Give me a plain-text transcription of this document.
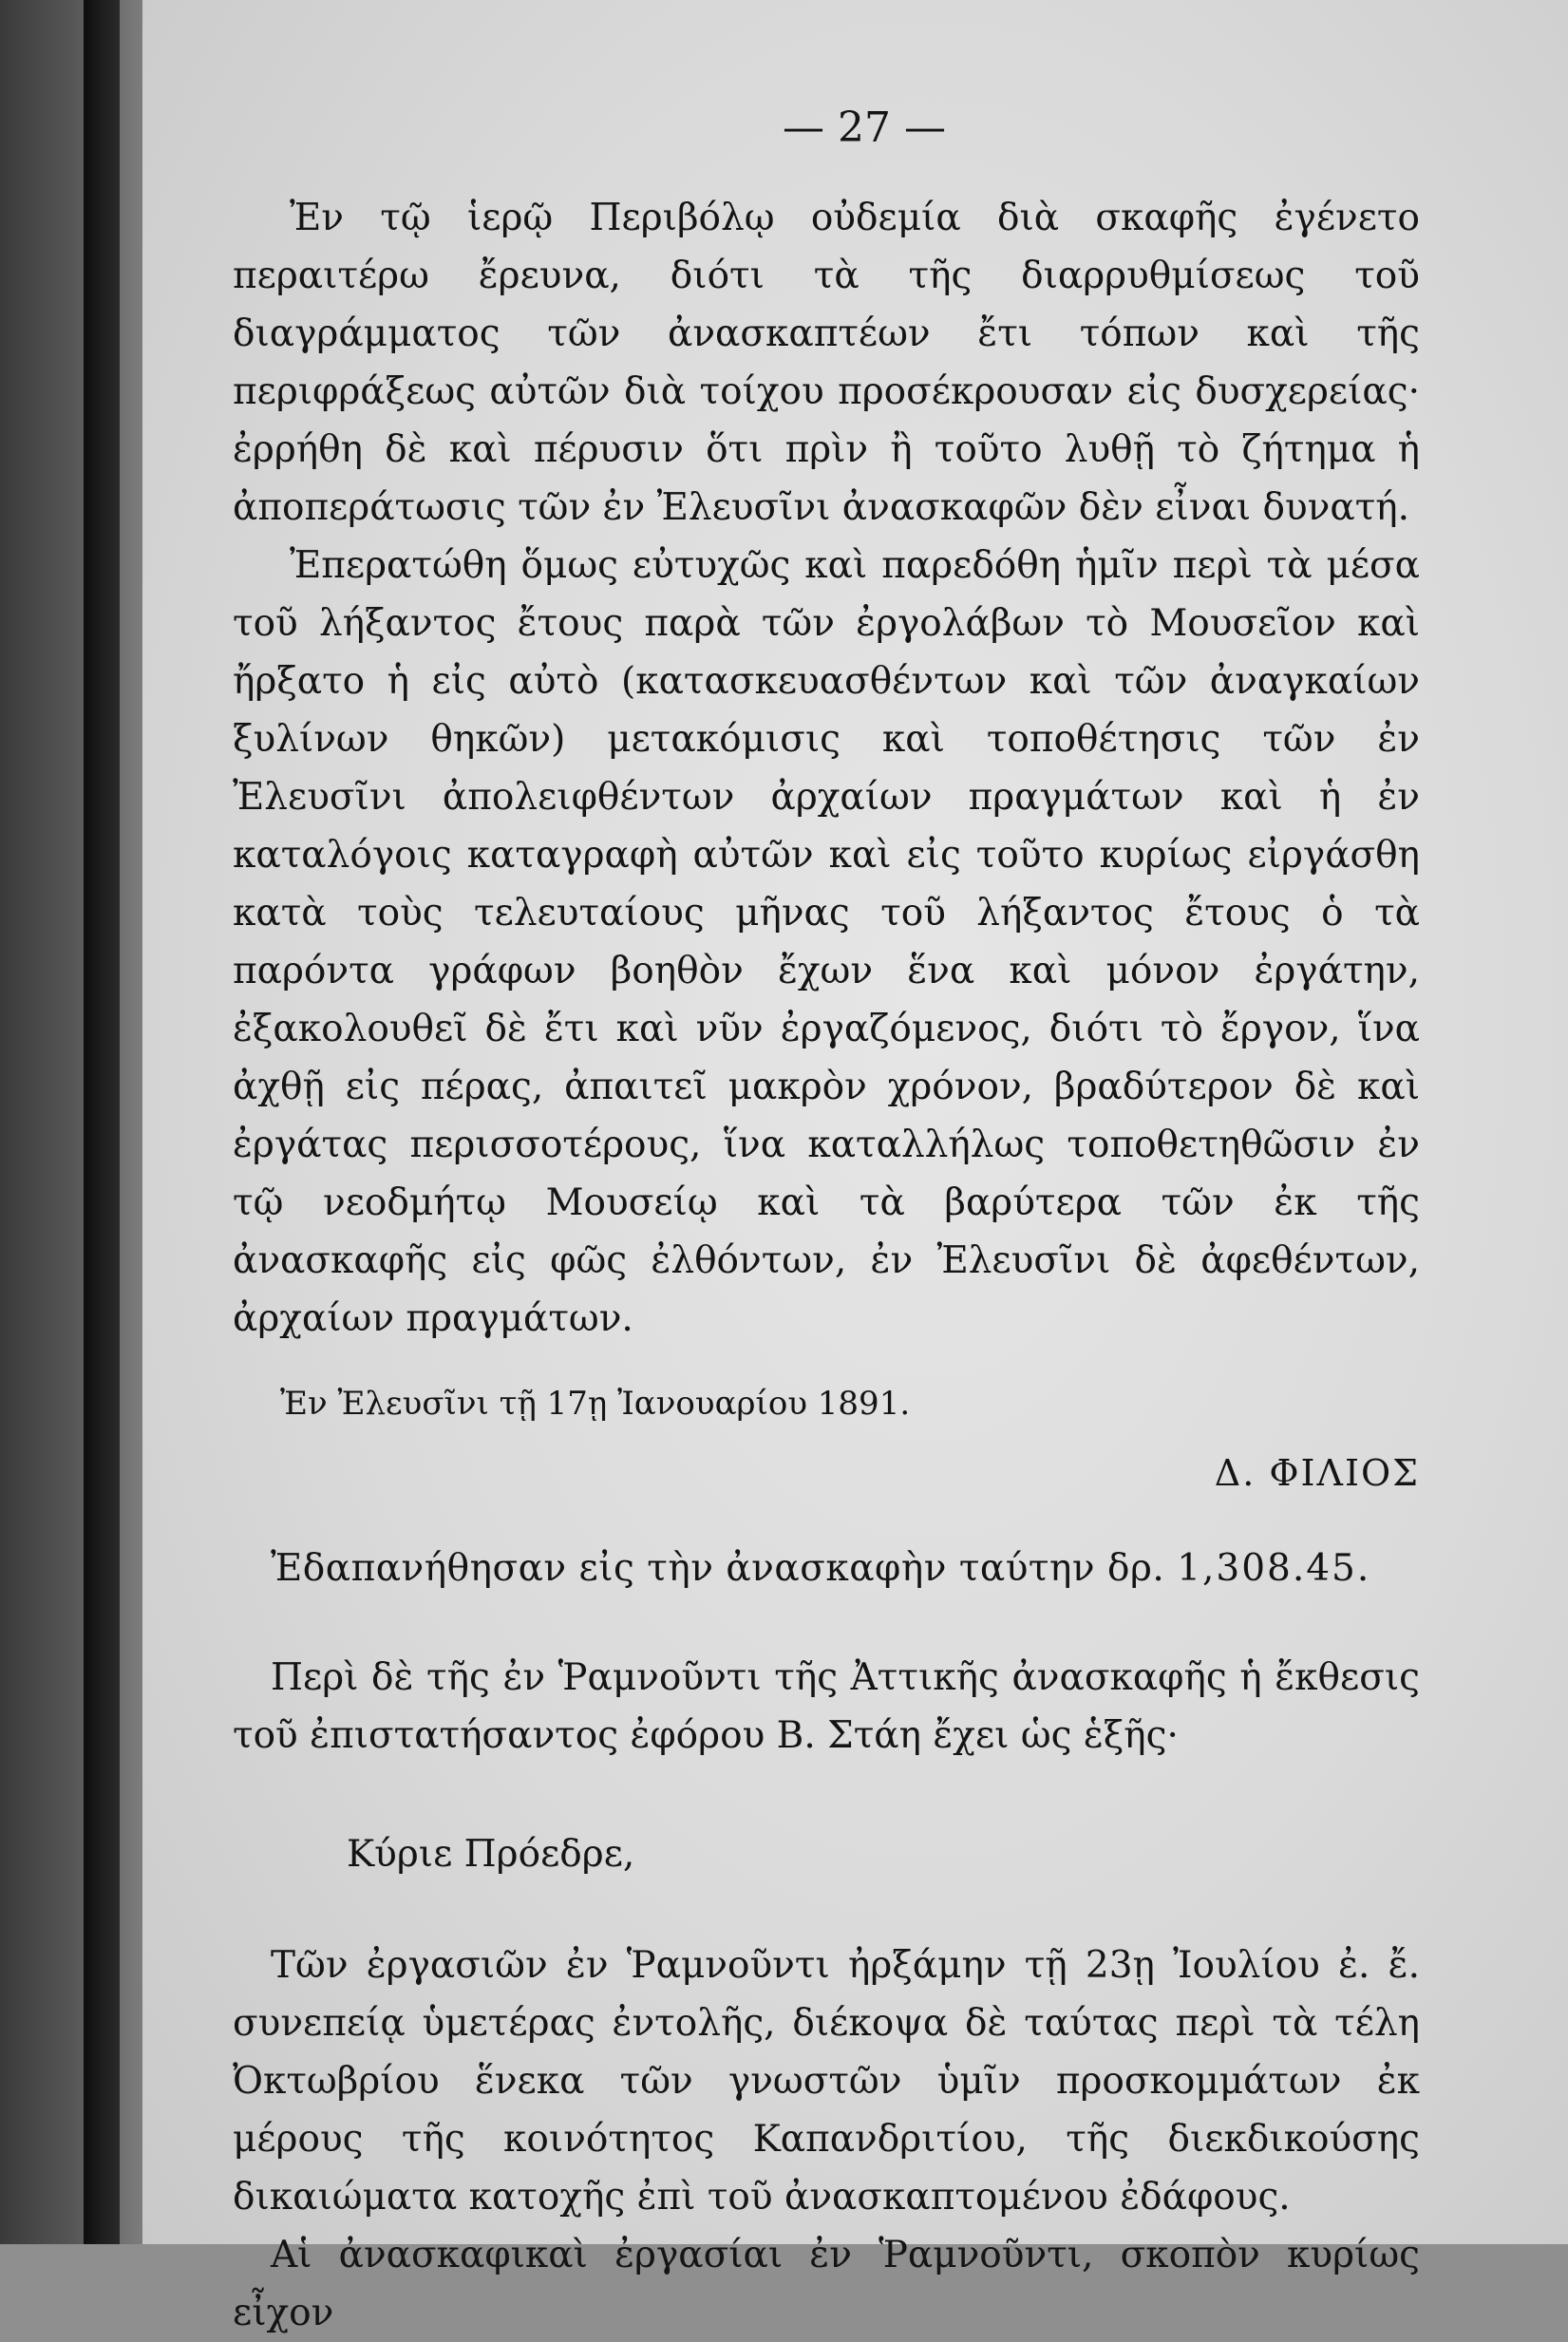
— 27 —

Ἐν τῷ ἱερῷ Περιβόλῳ οὐδεμία διὰ σκαφῆς ἐγένετο περαιτέρω ἔρευνα, διότι τὰ τῆς διαρρυθμίσεως τοῦ διαγράμματος τῶν ἀνασκαπτέων ἔτι τόπων καὶ τῆς περιφράξεως αὐτῶν διὰ τοίχου προσέκρουσαν εἰς δυσχερείας· ἐρρήθη δὲ καὶ πέρυσιν ὅτι πρὶν ἢ τοῦτο λυθῇ τὸ ζήτημα ἡ ἀποπεράτωσις τῶν ἐν Ἐλευσῖνι ἀνασκαφῶν δὲν εἶναι δυνατή.

Ἐπερατώθη ὅμως εὐτυχῶς καὶ παρεδόθη ἡμῖν περὶ τὰ μέσα τοῦ λήξαντος ἔτους παρὰ τῶν ἐργολάβων τὸ Μουσεῖον καὶ ἤρξατο ἡ εἰς αὐτὸ (κατασκευασθέντων καὶ τῶν ἀναγκαίων ξυλίνων θηκῶν) μετακόμισις καὶ τοποθέτησις τῶν ἐν Ἐλευσῖνι ἀπολειφθέντων ἀρχαίων πραγμάτων καὶ ἡ ἐν καταλόγοις καταγραφὴ αὐτῶν καὶ εἰς τοῦτο κυρίως εἰργάσθη κατὰ τοὺς τελευταίους μῆνας τοῦ λήξαντος ἔτους ὁ τὰ παρόντα γράφων βοηθὸν ἔχων ἕνα καὶ μόνον ἐργάτην, ἐξακολουθεῖ δὲ ἔτι καὶ νῦν ἐργαζόμενος, διότι τὸ ἔργον, ἵνα ἀχθῇ εἰς πέρας, ἀπαιτεῖ μακρὸν χρόνον, βραδύτερον δὲ καὶ ἐργάτας περισσοτέρους, ἵνα καταλλήλως τοποθετηθῶσιν ἐν τῷ νεοδμήτῳ Μουσείῳ καὶ τὰ βαρύτερα τῶν ἐκ τῆς ἀνασκαφῆς εἰς φῶς ἐλθόντων, ἐν Ἐλευσῖνι δὲ ἀφεθέντων, ἀρχαίων πραγμάτων.

Ἐν Ἐλευσῖνι τῇ 17ῃ Ἰανουαρίου 1891.
Δ. ΦΙΛΙΟΣ
Ἐδαπανήθησαν εἰς τὴν ἀνασκαφὴν ταύτην δρ. 1,308.45.

Περὶ δὲ τῆς ἐν Ῥαμνοῦντι τῆς Ἀττικῆς ἀνασκαφῆς ἡ ἔκθεσις τοῦ ἐπιστατήσαντος ἐφόρου Β. Στάη ἔχει ὡς ἑξῆς·

Κύριε Πρόεδρε,

Τῶν ἐργασιῶν ἐν Ῥαμνοῦντι ἠρξάμην τῇ 23ῃ Ἰουλίου ἐ. ἔ. συνεπείᾳ ὑμετέρας ἐντολῆς, διέκοψα δὲ ταύτας περὶ τὰ τέλη Ὀκτωβρίου ἕνεκα τῶν γνωστῶν ὑμῖν προσκομμάτων ἐκ μέρους τῆς κοινότητος Καπανδριτίου, τῆς διεκδικούσης δικαιώματα κατοχῆς ἐπὶ τοῦ ἀνασκαπτομένου ἐδάφους.

Αἱ ἀνασκαφικαὶ ἐργασίαι ἐν Ῥαμνοῦντι, σκοπὸν κυρίως εἶχον
